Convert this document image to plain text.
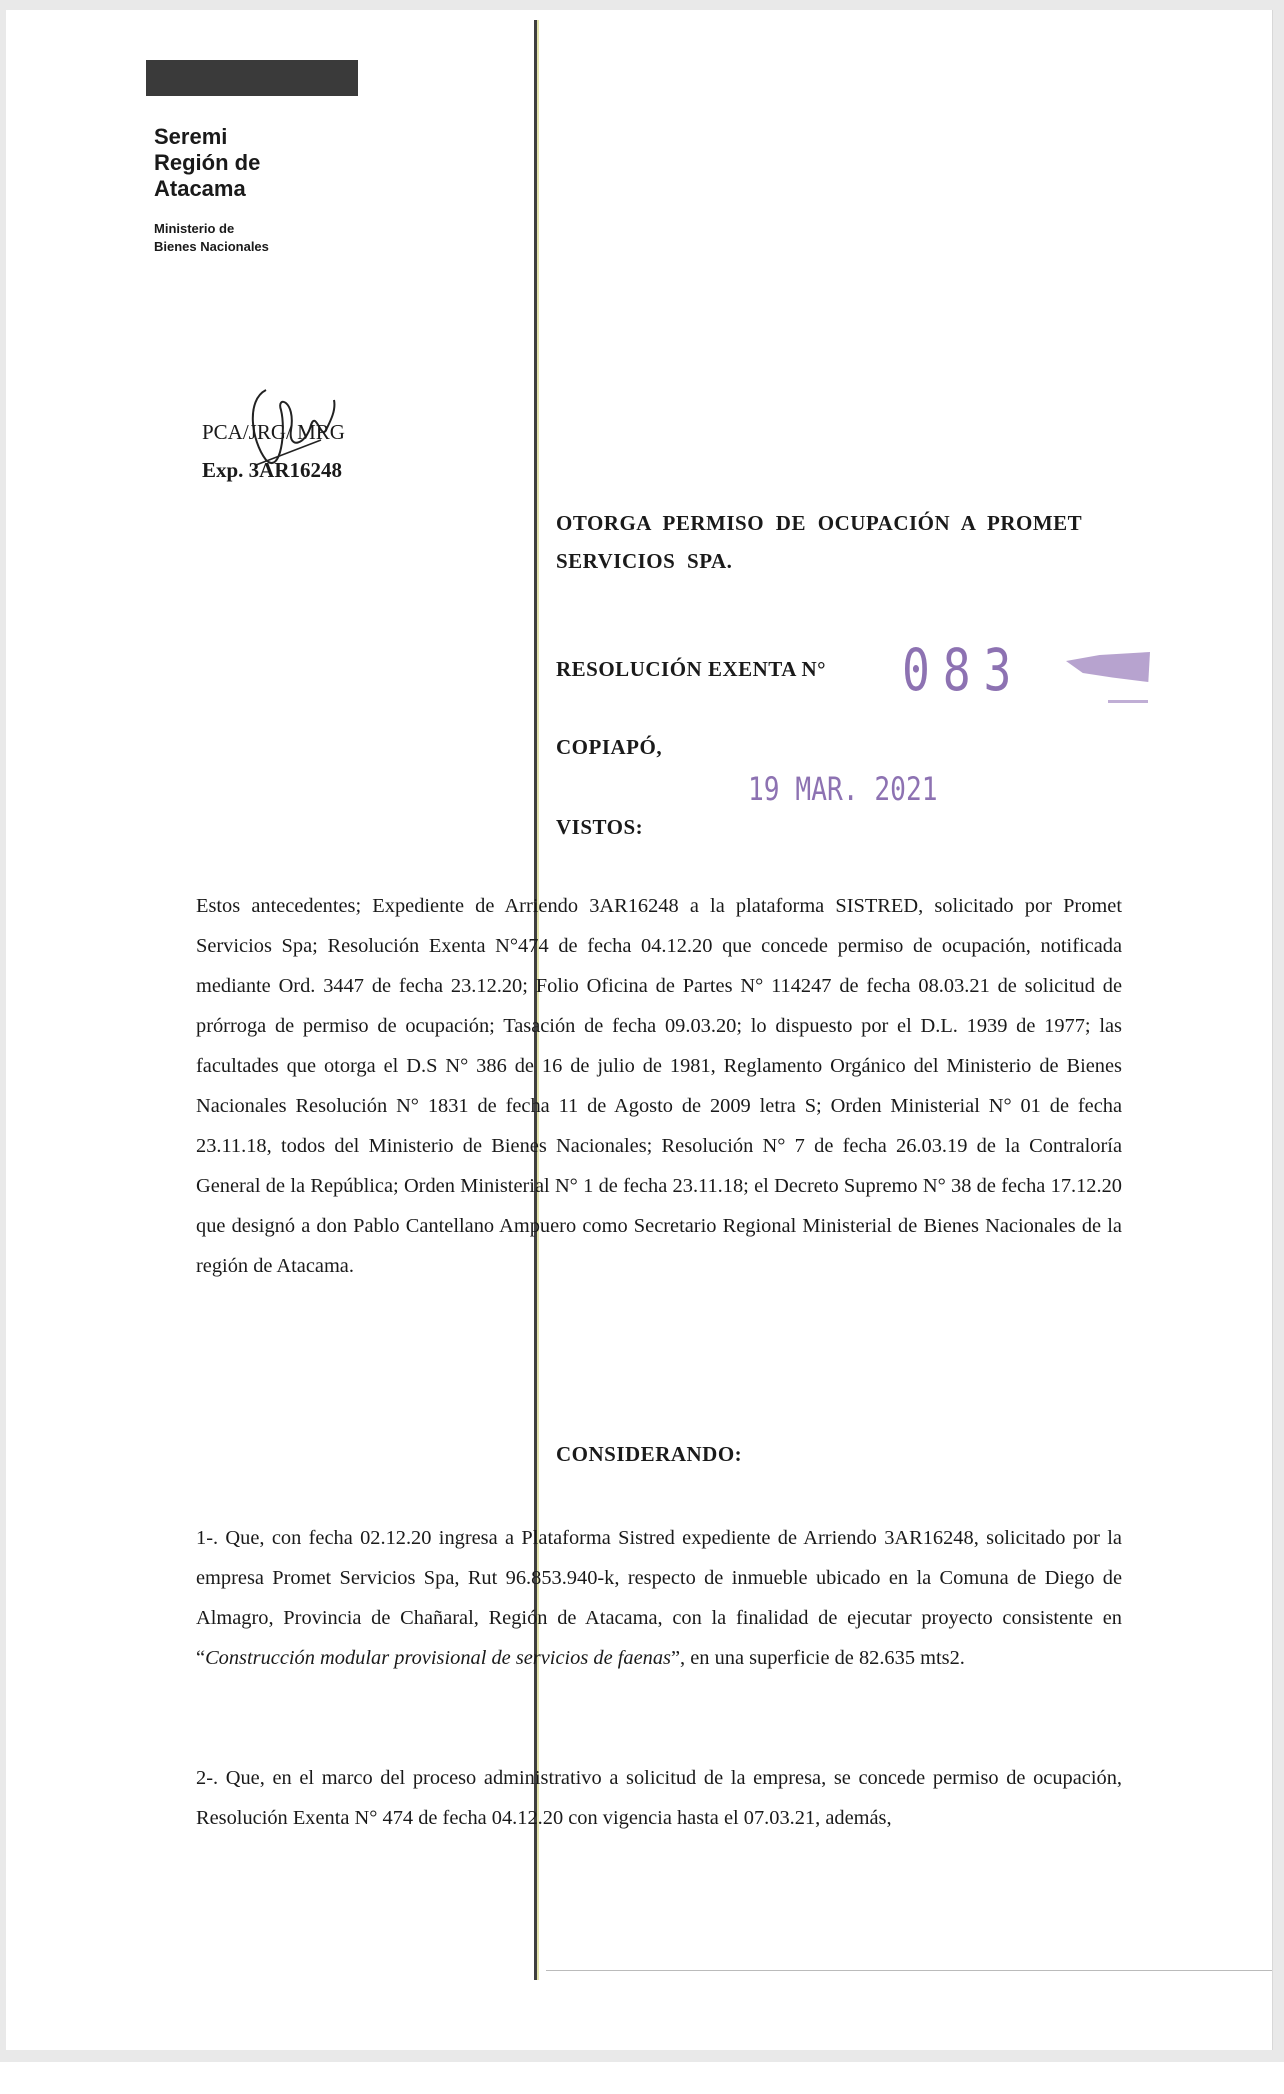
Seremi
Región de
Atacama
Ministerio de
Bienes Nacionales
PCA/JRG/ MRG
Exp. 3AR16248
OTORGA PERMISO DE OCUPACIÓN A PROMET SERVICIOS SPA.
RESOLUCIÓN EXENTA N° 083
COPIAPÓ,
19 MAR. 2021
VISTOS:
Estos antecedentes; Expediente de Arriendo 3AR16248 a la plataforma SISTRED, solicitado por Promet Servicios Spa; Resolución Exenta N°474 de fecha 04.12.20 que concede permiso de ocupación, notificada mediante Ord. 3447 de fecha 23.12.20; Folio Oficina de Partes N° 114247 de fecha 08.03.21 de solicitud de prórroga de permiso de ocupación; Tasación de fecha 09.03.20; lo dispuesto por el D.L. 1939 de 1977; las facultades que otorga el D.S N° 386 de 16 de julio de 1981, Reglamento Orgánico del Ministerio de Bienes Nacionales Resolución N° 1831 de fecha 11 de Agosto de 2009 letra S; Orden Ministerial N° 01 de fecha 23.11.18, todos del Ministerio de Bienes Nacionales; Resolución N° 7 de fecha 26.03.19 de la Contraloría General de la República; Orden Ministerial N° 1 de fecha 23.11.18; el Decreto Supremo N° 38 de fecha 17.12.20 que designó a don Pablo Cantellano Ampuero como Secretario Regional Ministerial de Bienes Nacionales de la región de Atacama.
CONSIDERANDO:
1-. Que, con fecha 02.12.20 ingresa a Plataforma Sistred expediente de Arriendo 3AR16248, solicitado por la empresa Promet Servicios Spa, Rut 96.853.940-k, respecto de inmueble ubicado en la Comuna de Diego de Almagro, Provincia de Chañaral, Región de Atacama, con la finalidad de ejecutar proyecto consistente en “Construcción modular provisional de servicios de faenas”, en una superficie de 82.635 mts2.
2-. Que, en el marco del proceso administrativo a solicitud de la empresa, se concede permiso de ocupación, Resolución Exenta N° 474 de fecha 04.12.20 con vigencia hasta el 07.03.21, además,
